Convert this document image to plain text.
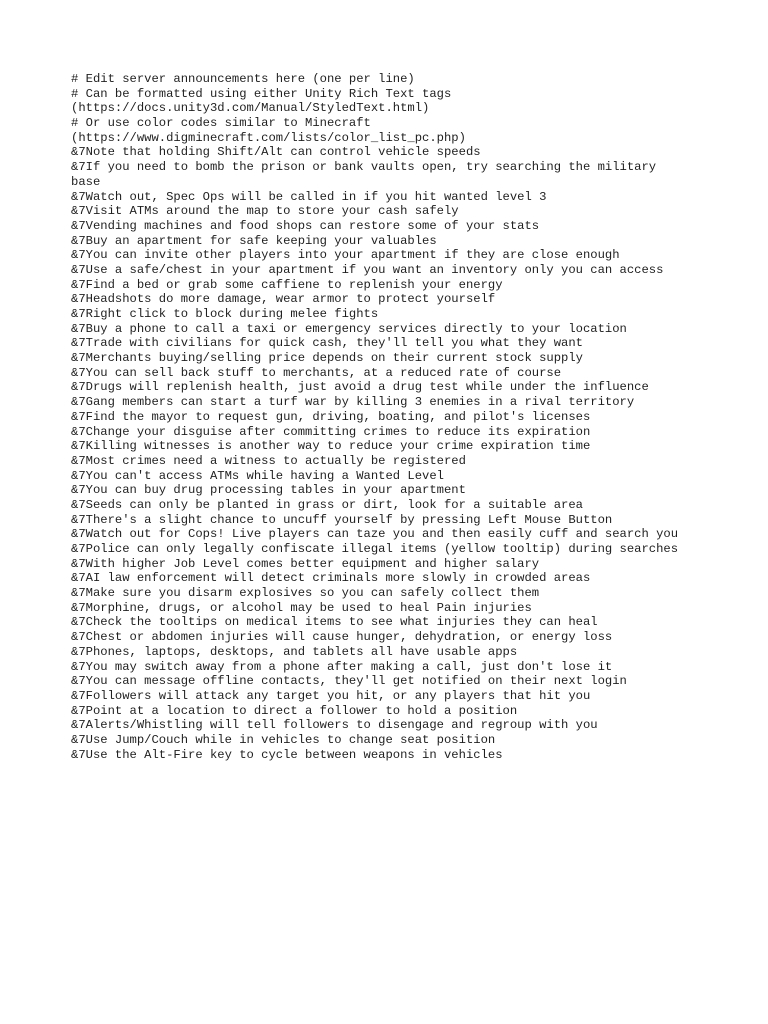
# Edit server announcements here (one per line)
# Can be formatted using either Unity Rich Text tags
(https://docs.unity3d.com/Manual/StyledText.html)
# Or use color codes similar to Minecraft
(https://www.digminecraft.com/lists/color_list_pc.php)
&7Note that holding Shift/Alt can control vehicle speeds
&7If you need to bomb the prison or bank vaults open, try searching the military
base
&7Watch out, Spec Ops will be called in if you hit wanted level 3
&7Visit ATMs around the map to store your cash safely
&7Vending machines and food shops can restore some of your stats
&7Buy an apartment for safe keeping your valuables
&7You can invite other players into your apartment if they are close enough
&7Use a safe/chest in your apartment if you want an inventory only you can access
&7Find a bed or grab some caffiene to replenish your energy
&7Headshots do more damage, wear armor to protect yourself
&7Right click to block during melee fights
&7Buy a phone to call a taxi or emergency services directly to your location
&7Trade with civilians for quick cash, they'll tell you what they want
&7Merchants buying/selling price depends on their current stock supply
&7You can sell back stuff to merchants, at a reduced rate of course
&7Drugs will replenish health, just avoid a drug test while under the influence
&7Gang members can start a turf war by killing 3 enemies in a rival territory
&7Find the mayor to request gun, driving, boating, and pilot's licenses
&7Change your disguise after committing crimes to reduce its expiration
&7Killing witnesses is another way to reduce your crime expiration time
&7Most crimes need a witness to actually be registered
&7You can't access ATMs while having a Wanted Level
&7You can buy drug processing tables in your apartment
&7Seeds can only be planted in grass or dirt, look for a suitable area
&7There's a slight chance to uncuff yourself by pressing Left Mouse Button
&7Watch out for Cops! Live players can taze you and then easily cuff and search you
&7Police can only legally confiscate illegal items (yellow tooltip) during searches
&7With higher Job Level comes better equipment and higher salary
&7AI law enforcement will detect criminals more slowly in crowded areas
&7Make sure you disarm explosives so you can safely collect them
&7Morphine, drugs, or alcohol may be used to heal Pain injuries
&7Check the tooltips on medical items to see what injuries they can heal
&7Chest or abdomen injuries will cause hunger, dehydration, or energy loss
&7Phones, laptops, desktops, and tablets all have usable apps
&7You may switch away from a phone after making a call, just don't lose it
&7You can message offline contacts, they'll get notified on their next login
&7Followers will attack any target you hit, or any players that hit you
&7Point at a location to direct a follower to hold a position
&7Alerts/Whistling will tell followers to disengage and regroup with you
&7Use Jump/Couch while in vehicles to change seat position
&7Use the Alt-Fire key to cycle between weapons in vehicles
